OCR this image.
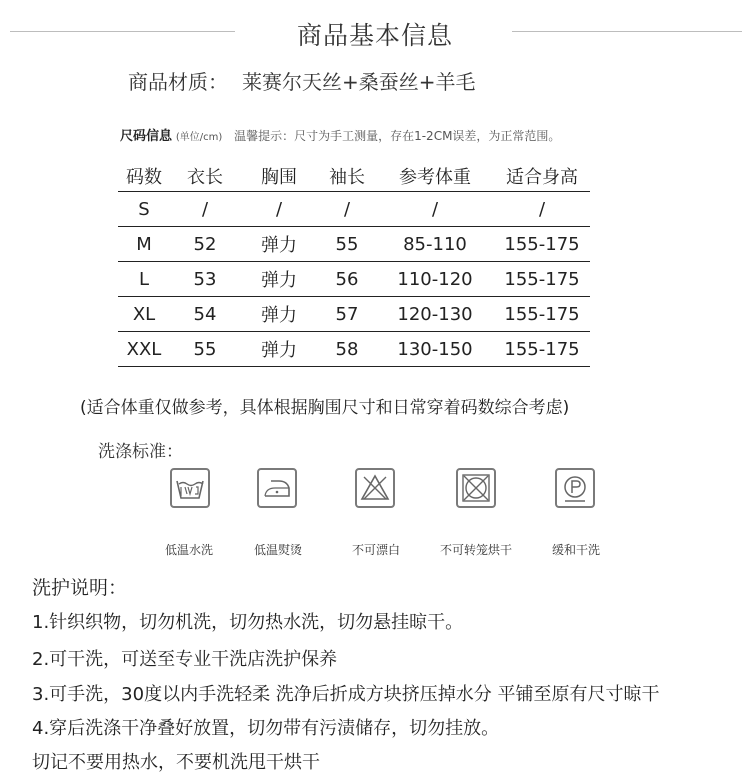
商品基本信息
商品材质： 莱赛尔天丝+桑蚕丝+羊毛
尺码信息 (单位/cm) 温馨提示：尺寸为手工测量，存在1-2CM误差，为正常范围。
码数	衣长	胸围	袖长	参考体重	适合身高
S	/	/	/	/	/
M	52	弹力	55	85-110	155-175
L	53	弹力	56	110-120	155-175
XL	54	弹力	57	120-130	155-175
XXL	55	弹力	58	130-150	155-175
(适合体重仅做参考，具体根据胸围尺寸和日常穿着码数综合考虑)
洗涤标准：
低温水洗	低温熨烫	不可漂白	不可转笼烘干	缓和干洗
洗护说明：
1.针织织物，切勿机洗，切勿热水洗，切勿悬挂晾干。
2.可干洗，可送至专业干洗店洗护保养
3.可手洗，30度以内手洗轻柔 洗净后折成方块挤压掉水分 平铺至原有尺寸晾干
4.穿后洗涤干净叠好放置，切勿带有污渍储存，切勿挂放。
切记不要用热水，不要机洗甩干烘干
